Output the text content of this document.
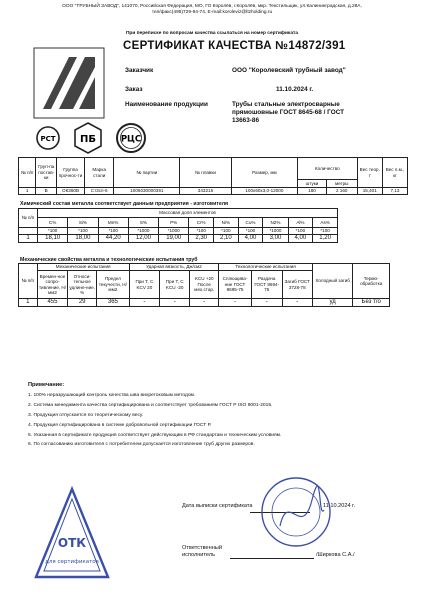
ООО "ТРУБНЫЙ ЗАВОД", 141070, Российская Федерация, МО, ГО Королёв, г.Королёв, мкр. Текстильщик, ул.Калининградская, д.28А,
тел/факс(495)729-94-74, E-mail:koroleviz@ltzholding.ru
При переписке по вопросам качества ссылаться на номер сертификата
СЕРТИФИКАТ КАЧЕСТВА №14872/391
Заказчик	ООО "Королевский трубный завод"
Заказ	11.10.2024 г.
Наименование продукции	Трубы стальные электросварные
прямошовные ГОСТ 8645-68 / ГОСТ
13663-86
РСТ ПБ	РЦС
№ п/п	Груп-па постав-ки	Группа прочнос-ти	Марка стали	№ партии	№ плавки	Размер, мм	Количество		Вес теор. т	Вес п.м., кг
							штуки	метры		
1	В	ОК360В	Ст3сп-5	1006030000391	343215	100х60х3,0-12000	180	2 160	15,401	7,13
Химический состав металла соответствует данным предприятия - изготовителя
№ п/п	Массовая доля элементов										
	С%	Si%	Mn%	S%	P%	Cr%	Ni%	Cu%	N2%	Al%	As%
	*100	*100	*100	*1000	*1000	*100	*100	*100	*1000	*100	*100
1	18,10	18,00	44,20	12,00	19,00	2,30	2,10	4,00	3,00	4,00	1,20
Механические свойства металла и технологические испытания труб
№ п/п	Механические испытания			Ударная вязкость, Дж/см2			Технологические испытания			Холодный загиб	Термо-обработка
	Времен-ное сопро-тивление, Н/мм2	Относи-тельное удлине-ние, %	Предел текучести, Н/мм2	При Т, С KCV 20	При Т, С KCU -20	KCU +20 После мех.стар.	Сплющива-ние ГОСТ 8695-75	Раздача ГОСТ 8694-75	Загиб ГОСТ 3728-78		
1	455	29	365	-	-	-	-	-	-	уд	Без т/о
Примечание:
1. 100% неразрушающий контроль качества шва вихретоковым методом.
2. Система менеджмента качества сертифицирована и соответствует требованиям ГОСТ Р ISO 9001-2015.
3. Продукция отпускается по теоретическому весу.
4. Продукция сертифицирована в системе добровольной сертификации ГОСТ Р.
5. Указанная в сертификате продукция соответствует действующим в РФ стандартам и техническим условиям.
6. По согласованию изготовителя с потребителем допускается изготовление труб других размеров.
ОТК
для сертификатов
Дата выписки сертификата	11.10.2024 г.
Ответственный
исполнитель	/Ширкова С.А./
